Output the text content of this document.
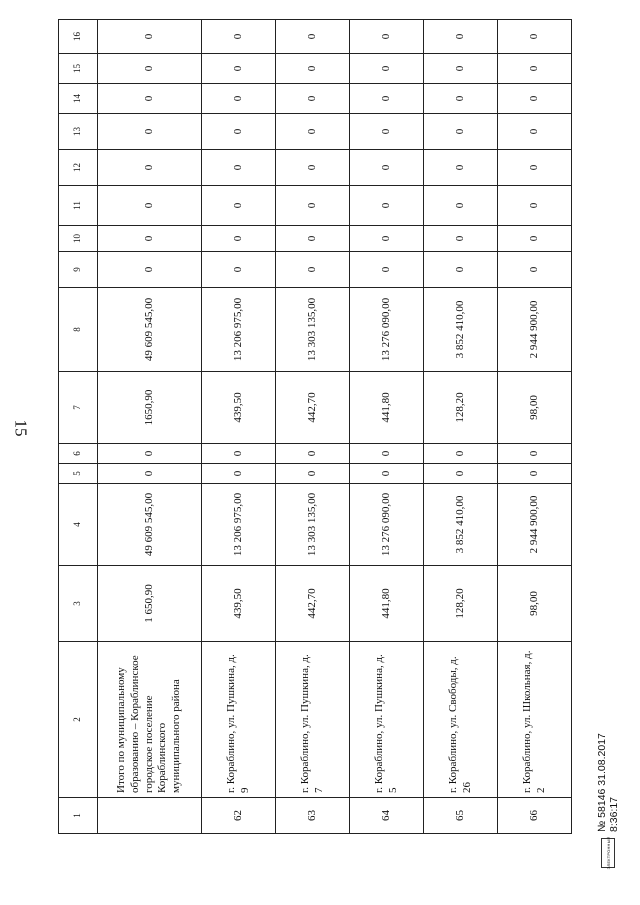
15
1	2	3	4	5	6	7	8	9	10	11	12	13	14	15	16
	Итого по муниципальному образованию – Кораблинское городское поселение Кораблинского муниципального района	1 650,90	49 609 545,00	0	0	1650,90	49 609 545,00	0	0	0	0	0	0	0	0
62	г. Кораблино, ул. Пушкина, д. 9	439,50	13 206 975,00	0	0	439,50	13 206 975,00	0	0	0	0	0	0	0	0
63	г. Кораблино, ул. Пушкина, д. 7	442,70	13 303 135,00	0	0	442,70	13 303 135,00	0	0	0	0	0	0	0	0
64	г. Кораблино, ул. Пушкина, д. 5	441,80	13 276 090,00	0	0	441,80	13 276 090,00	0	0	0	0	0	0	0	0
65	г. Кораблино, ул. Свободы, д. 26	128,20	3 852 410,00	0	0	128,20	3 852 410,00	0	0	0	0	0	0	0	0
66	г. Кораблино, ул. Школьная, д. 2	98,00	2 944 900,00	0	0	98,00	2 944 900,00	0	0	0	0	0	0	0	0
ЭЛЕКТРОННЫЙ
№ 58146 31.08.2017 8:36:17
